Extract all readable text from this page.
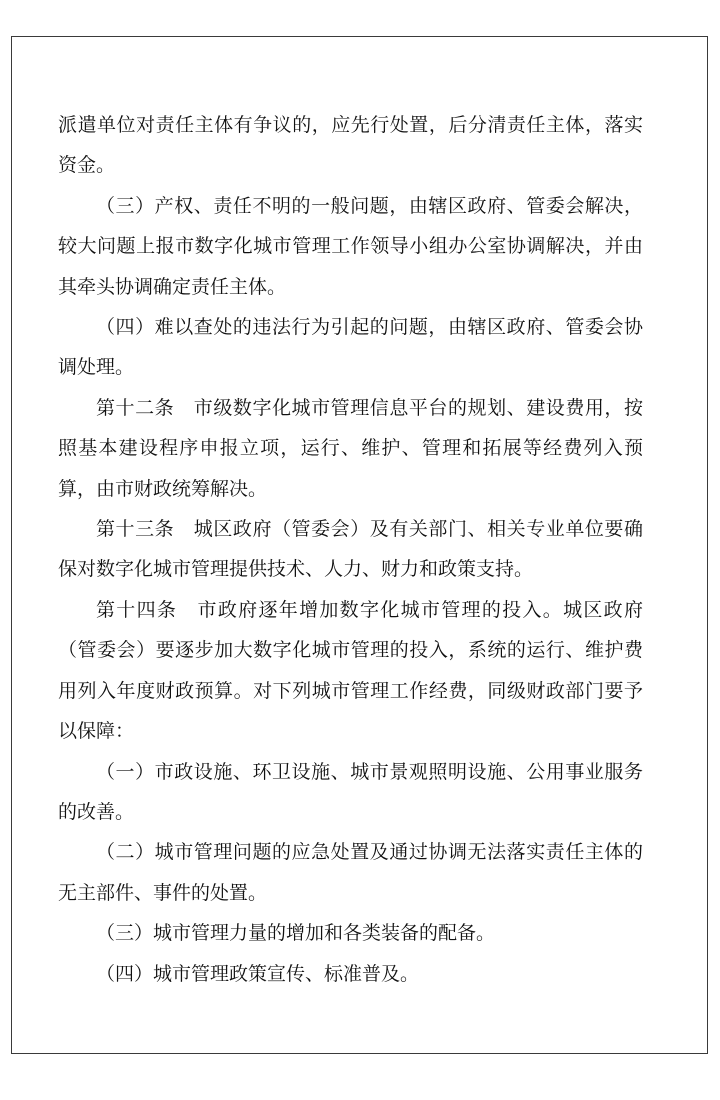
派遣单位对责任主体有争议的，应先行处置，后分清责任主体，落实资金。

（三）产权、责任不明的一般问题，由辖区政府、管委会解决，较大问题上报市数字化城市管理工作领导小组办公室协调解决，并由其牵头协调确定责任主体。

（四）难以查处的违法行为引起的问题，由辖区政府、管委会协调处理。

第十二条　市级数字化城市管理信息平台的规划、建设费用，按照基本建设程序申报立项，运行、维护、管理和拓展等经费列入预算，由市财政统筹解决。

第十三条　城区政府（管委会）及有关部门、相关专业单位要确保对数字化城市管理提供技术、人力、财力和政策支持。

第十四条　市政府逐年增加数字化城市管理的投入。城区政府（管委会）要逐步加大数字化城市管理的投入，系统的运行、维护费用列入年度财政预算。对下列城市管理工作经费，同级财政部门要予以保障：

（一）市政设施、环卫设施、城市景观照明设施、公用事业服务的改善。

（二）城市管理问题的应急处置及通过协调无法落实责任主体的无主部件、事件的处置。

（三）城市管理力量的增加和各类装备的配备。

（四）城市管理政策宣传、标准普及。
